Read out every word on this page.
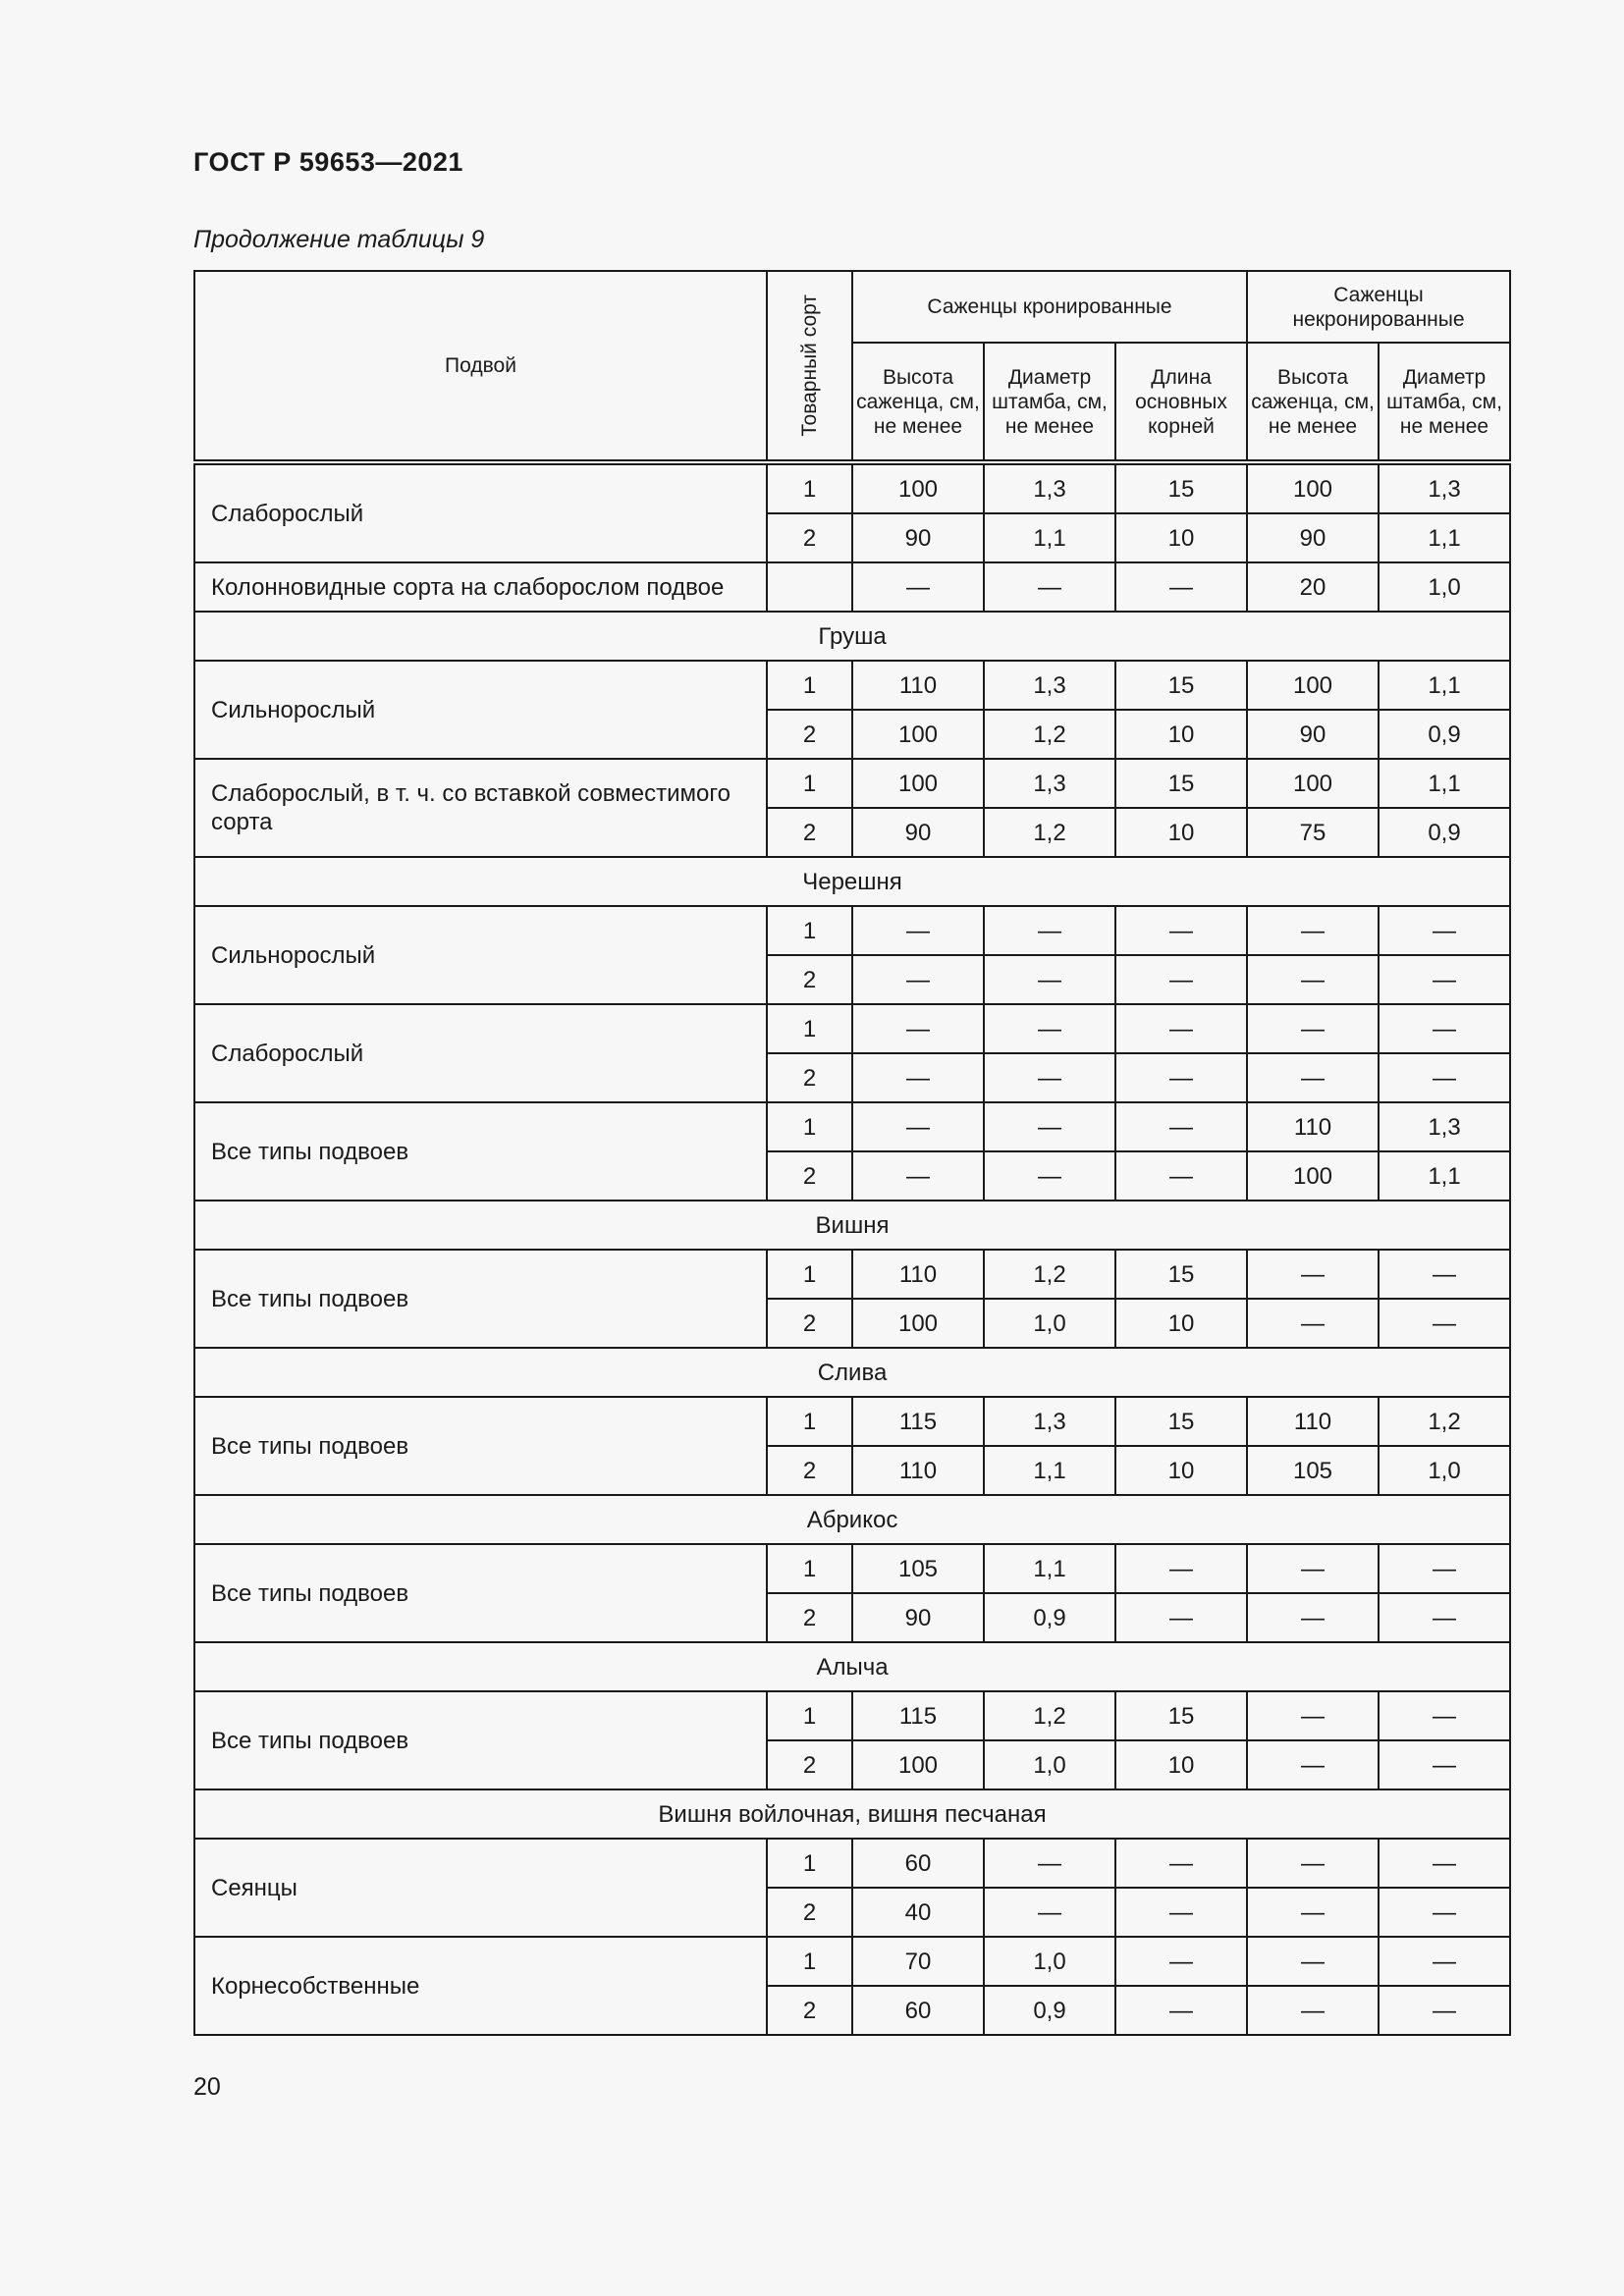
ГОСТ Р 59653—2021
Продолжение таблицы 9
Подвой	Товарный сорт	Саженцы кронированные			Саженцы некронированные	
		Высота саженца, см, не менее	Диаметр штамба, см, не менее	Длина основных корней	Высота саженца, см, не менее	Диаметр штамба, см, не менее
Слаборослый	1	100	1,3	15	100	1,3
	2	90	1,1	10	90	1,1
Колонновидные сорта на слаборослом подвое		—	—	—	20	1,0
Груша						
Сильнорослый	1	110	1,3	15	100	1,1
	2	100	1,2	10	90	0,9
Слаборослый, в т. ч. со вставкой совместимого сорта	1	100	1,3	15	100	1,1
	2	90	1,2	10	75	0,9
Черешня						
Сильнорослый	1	—	—	—	—	—
	2	—	—	—	—	—
Слаборослый	1	—	—	—	—	—
	2	—	—	—	—	—
Все типы подвоев	1	—	—	—	110	1,3
	2	—	—	—	100	1,1
Вишня						
Все типы подвоев	1	110	1,2	15	—	—
	2	100	1,0	10	—	—
Слива						
Все типы подвоев	1	115	1,3	15	110	1,2
	2	110	1,1	10	105	1,0
Абрикос						
Все типы подвоев	1	105	1,1	—	—	—
	2	90	0,9	—	—	—
Алыча						
Все типы подвоев	1	115	1,2	15	—	—
	2	100	1,0	10	—	—
Вишня войлочная, вишня песчаная						
Сеянцы	1	60	—	—	—	—
	2	40	—	—	—	—
Корнесобственные	1	70	1,0	—	—	—
	2	60	0,9	—	—	—
20
